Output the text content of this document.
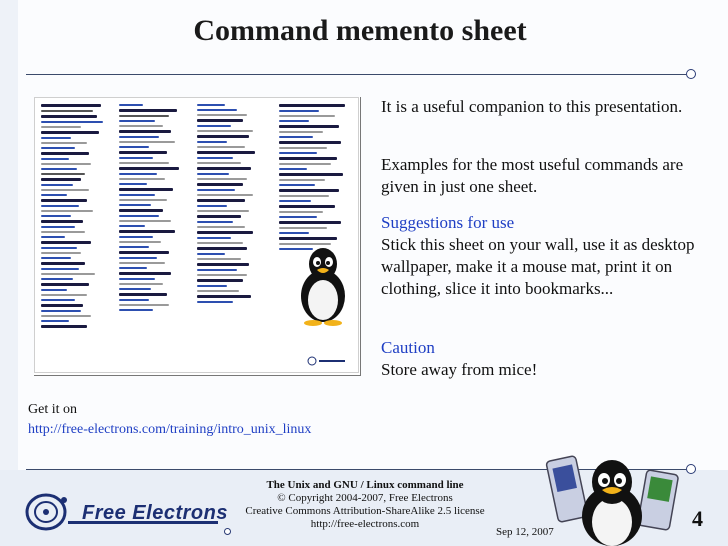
Command memento sheet

It is a useful companion to this presentation.

Examples for the most useful commands are given in just one sheet.

Suggestions for use

Stick this sheet on your wall, use it as desktop wallpaper, make it a mouse mat, print it on clothing, slice it into bookmarks...

Caution

Store away from mice!

Get it on
http://free-electrons.com/training/intro_unix_linux
Free Electrons
The Unix and GNU / Linux command line
© Copyright 2004-2007, Free Electrons
Creative Commons Attribution-ShareAlike 2.5 license
http://free-electrons.com
Sep 12, 2007
4
